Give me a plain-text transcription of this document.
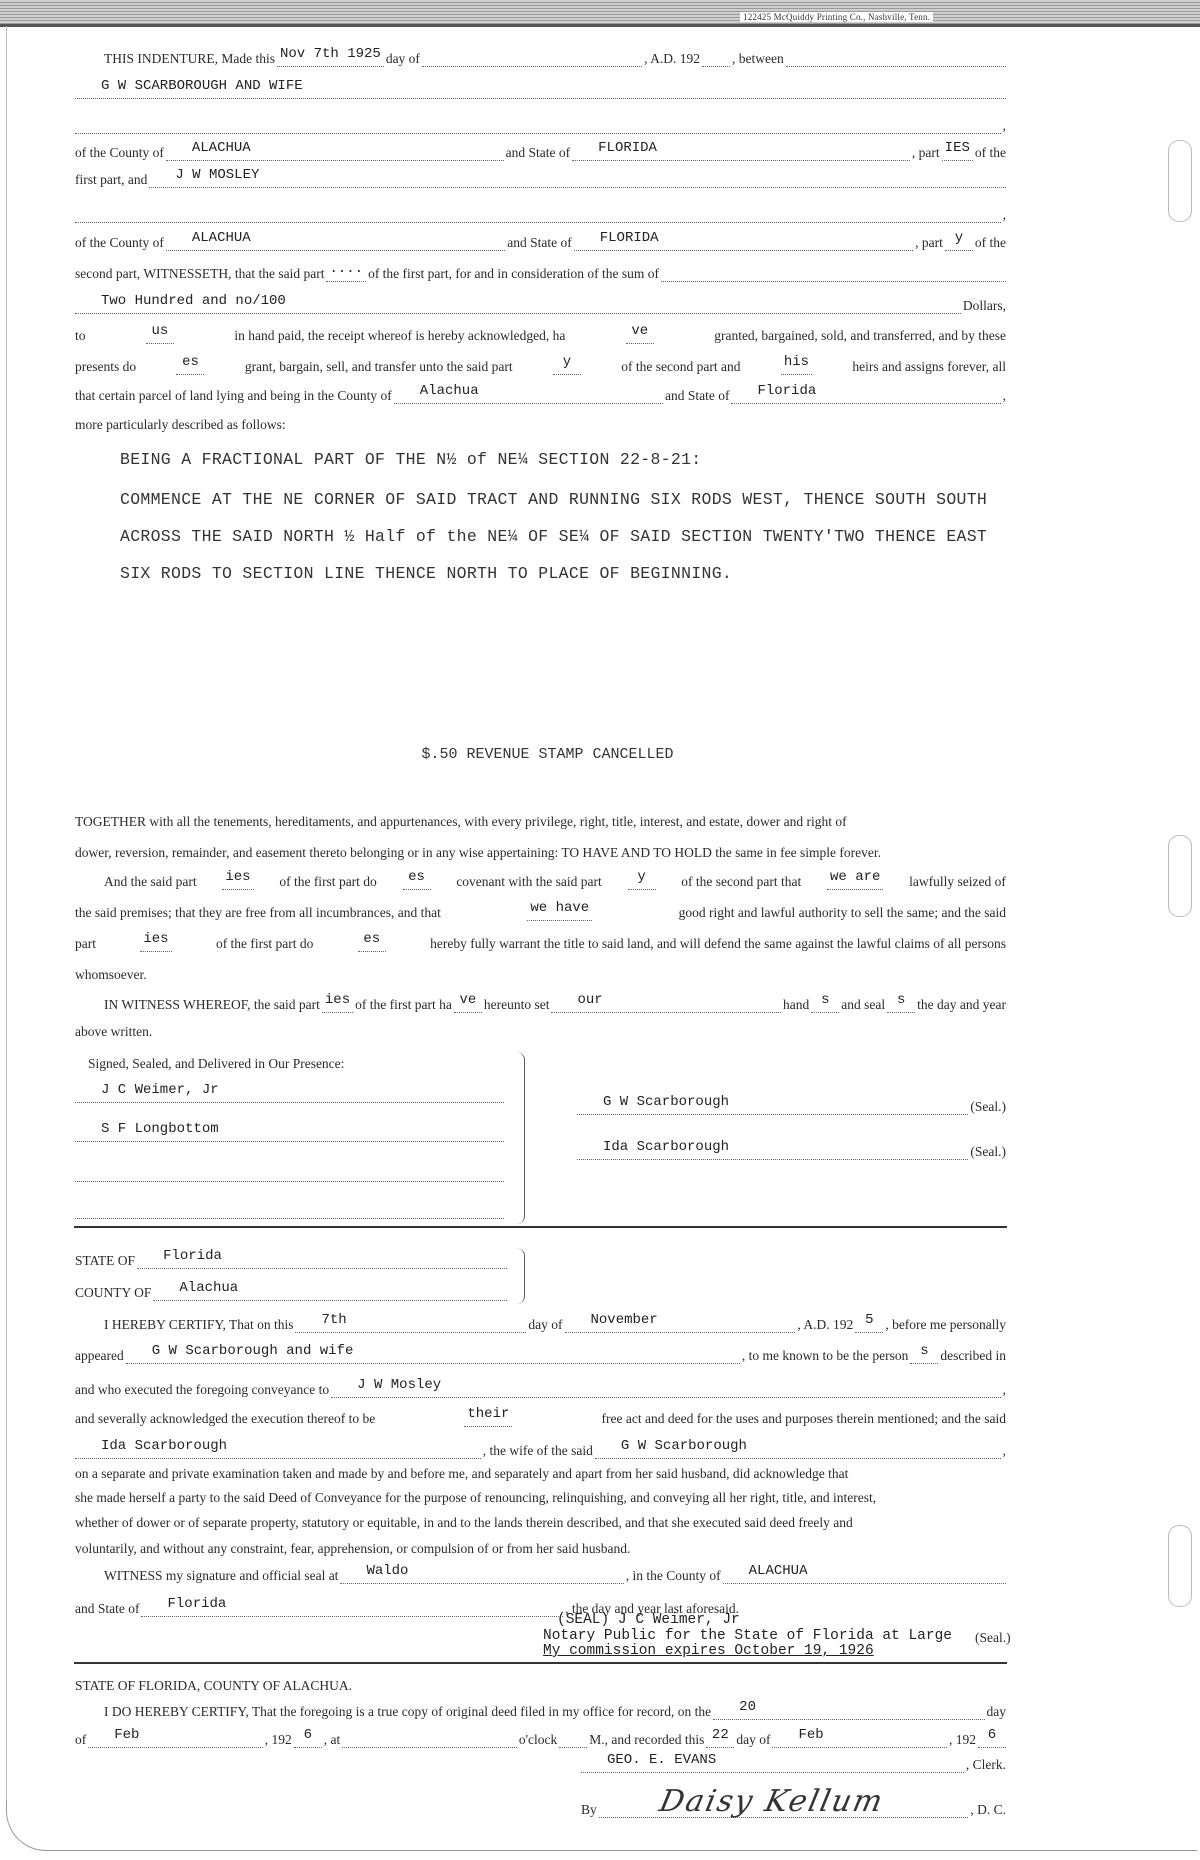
122425 McQuiddy Printing Co., Nashville, Tenn.
THIS INDENTURE, Made this Nov 7th 1925 day of	, A.D. 192 , between
G W SCARBOROUGH AND WIFE
,
of the County of	ALACHUA	and State of	FLORIDA	, part IES of the
first part, and	J W MOSLEY
,
of the County of	ALACHUA	and State of	FLORIDA	, part y of the
second part, WITNESSETH, that the said part .... of the first part, for and in consideration of the sum of
Two Hundred and no/100	Dollars,
to	us	in hand paid, the receipt whereof is hereby acknowledged, ha	ve	granted, bargained, sold, and transferred, and by these
presents do	es	grant, bargain, sell, and transfer unto the said part	y	of the second part and	his	heirs and assigns forever, all
that certain parcel of land lying and being in the County of	Alachua	and State of	Florida	,
more particularly described as follows:
BEING A FRACTIONAL PART OF THE N½ of NE¼ SECTION 22-8-21:
COMMENCE AT THE NE CORNER OF SAID TRACT AND RUNNING SIX RODS WEST, THENCE SOUTH SOUTH
ACROSS THE SAID NORTH ½ Half of the NE¼ OF SE¼ OF SAID SECTION TWENTY'TWO THENCE EAST
SIX RODS TO SECTION LINE THENCE NORTH TO PLACE OF BEGINNING.
$.50 REVENUE STAMP CANCELLED
TOGETHER with all the tenements, hereditaments, and appurtenances, with every privilege, right, title, interest, and estate, dower and right of
dower, reversion, remainder, and easement thereto belonging or in any wise appertaining: TO HAVE AND TO HOLD the same in fee simple forever.
And the said part ies of the first part do	es	covenant with the said part	y	of the second part that we are lawfully seized of
the said premises; that they are free from all incumbrances, and that	we have	good right and lawful authority to sell the same; and the said
part	ies	of the first part do	es	hereby fully warrant the title to said land, and will defend the same against the lawful claims of all persons
whomsoever.
IN WITNESS WHEREOF, the said part ies of the first part ha ve hereunto set	our	hand s and seal s the day and year
above written.
Signed, Sealed, and Delivered in Our Presence:
J C Weimer, Jr
S F Longbottom
G W Scarborough	(Seal.)
Ida Scarborough	(Seal.)
STATE OF	Florida
COUNTY OF	Alachua
I HEREBY CERTIFY, That on this	7th	day of	November	, A.D. 192 5 , before me personally
appeared	G W Scarborough and wife	, to me known to be the person s described in
and who executed the foregoing conveyance to	J W Mosley	,
and severally acknowledged the execution thereof to be	their	free act and deed for the uses and purposes therein mentioned; and the said
Ida Scarborough	, the wife of the said	G W Scarborough	,
on a separate and private examination taken and made by and before me, and separately and apart from her said husband, did acknowledge that
she made herself a party to the said Deed of Conveyance for the purpose of renouncing, relinquishing, and conveying all her right, title, and interest,
whether of dower or of separate property, statutory or equitable, in and to the lands therein described, and that she executed said deed freely and
voluntarily, and without any constraint, fear, apprehension, or compulsion of or from her said husband.
WITNESS my signature and official seal at	Waldo	, in the County of	ALACHUA
and State of	Florida	, the day and year last aforesaid.
(SEAL) J C Weimer, Jr
Notary Public for the State of Florida at Large
My commission expires October 19, 1926
(Seal.)
STATE OF FLORIDA, COUNTY OF ALACHUA.
I DO HEREBY CERTIFY, That the foregoing is a true copy of original deed filed in my office for record, on the	20	day
of	Feb	, 192 6 , at	o'clock M., and recorded this 22 day of	Feb	, 192 6
GEO. E. EVANS	, Clerk.
By	, D. C.
Daisy Kellum
